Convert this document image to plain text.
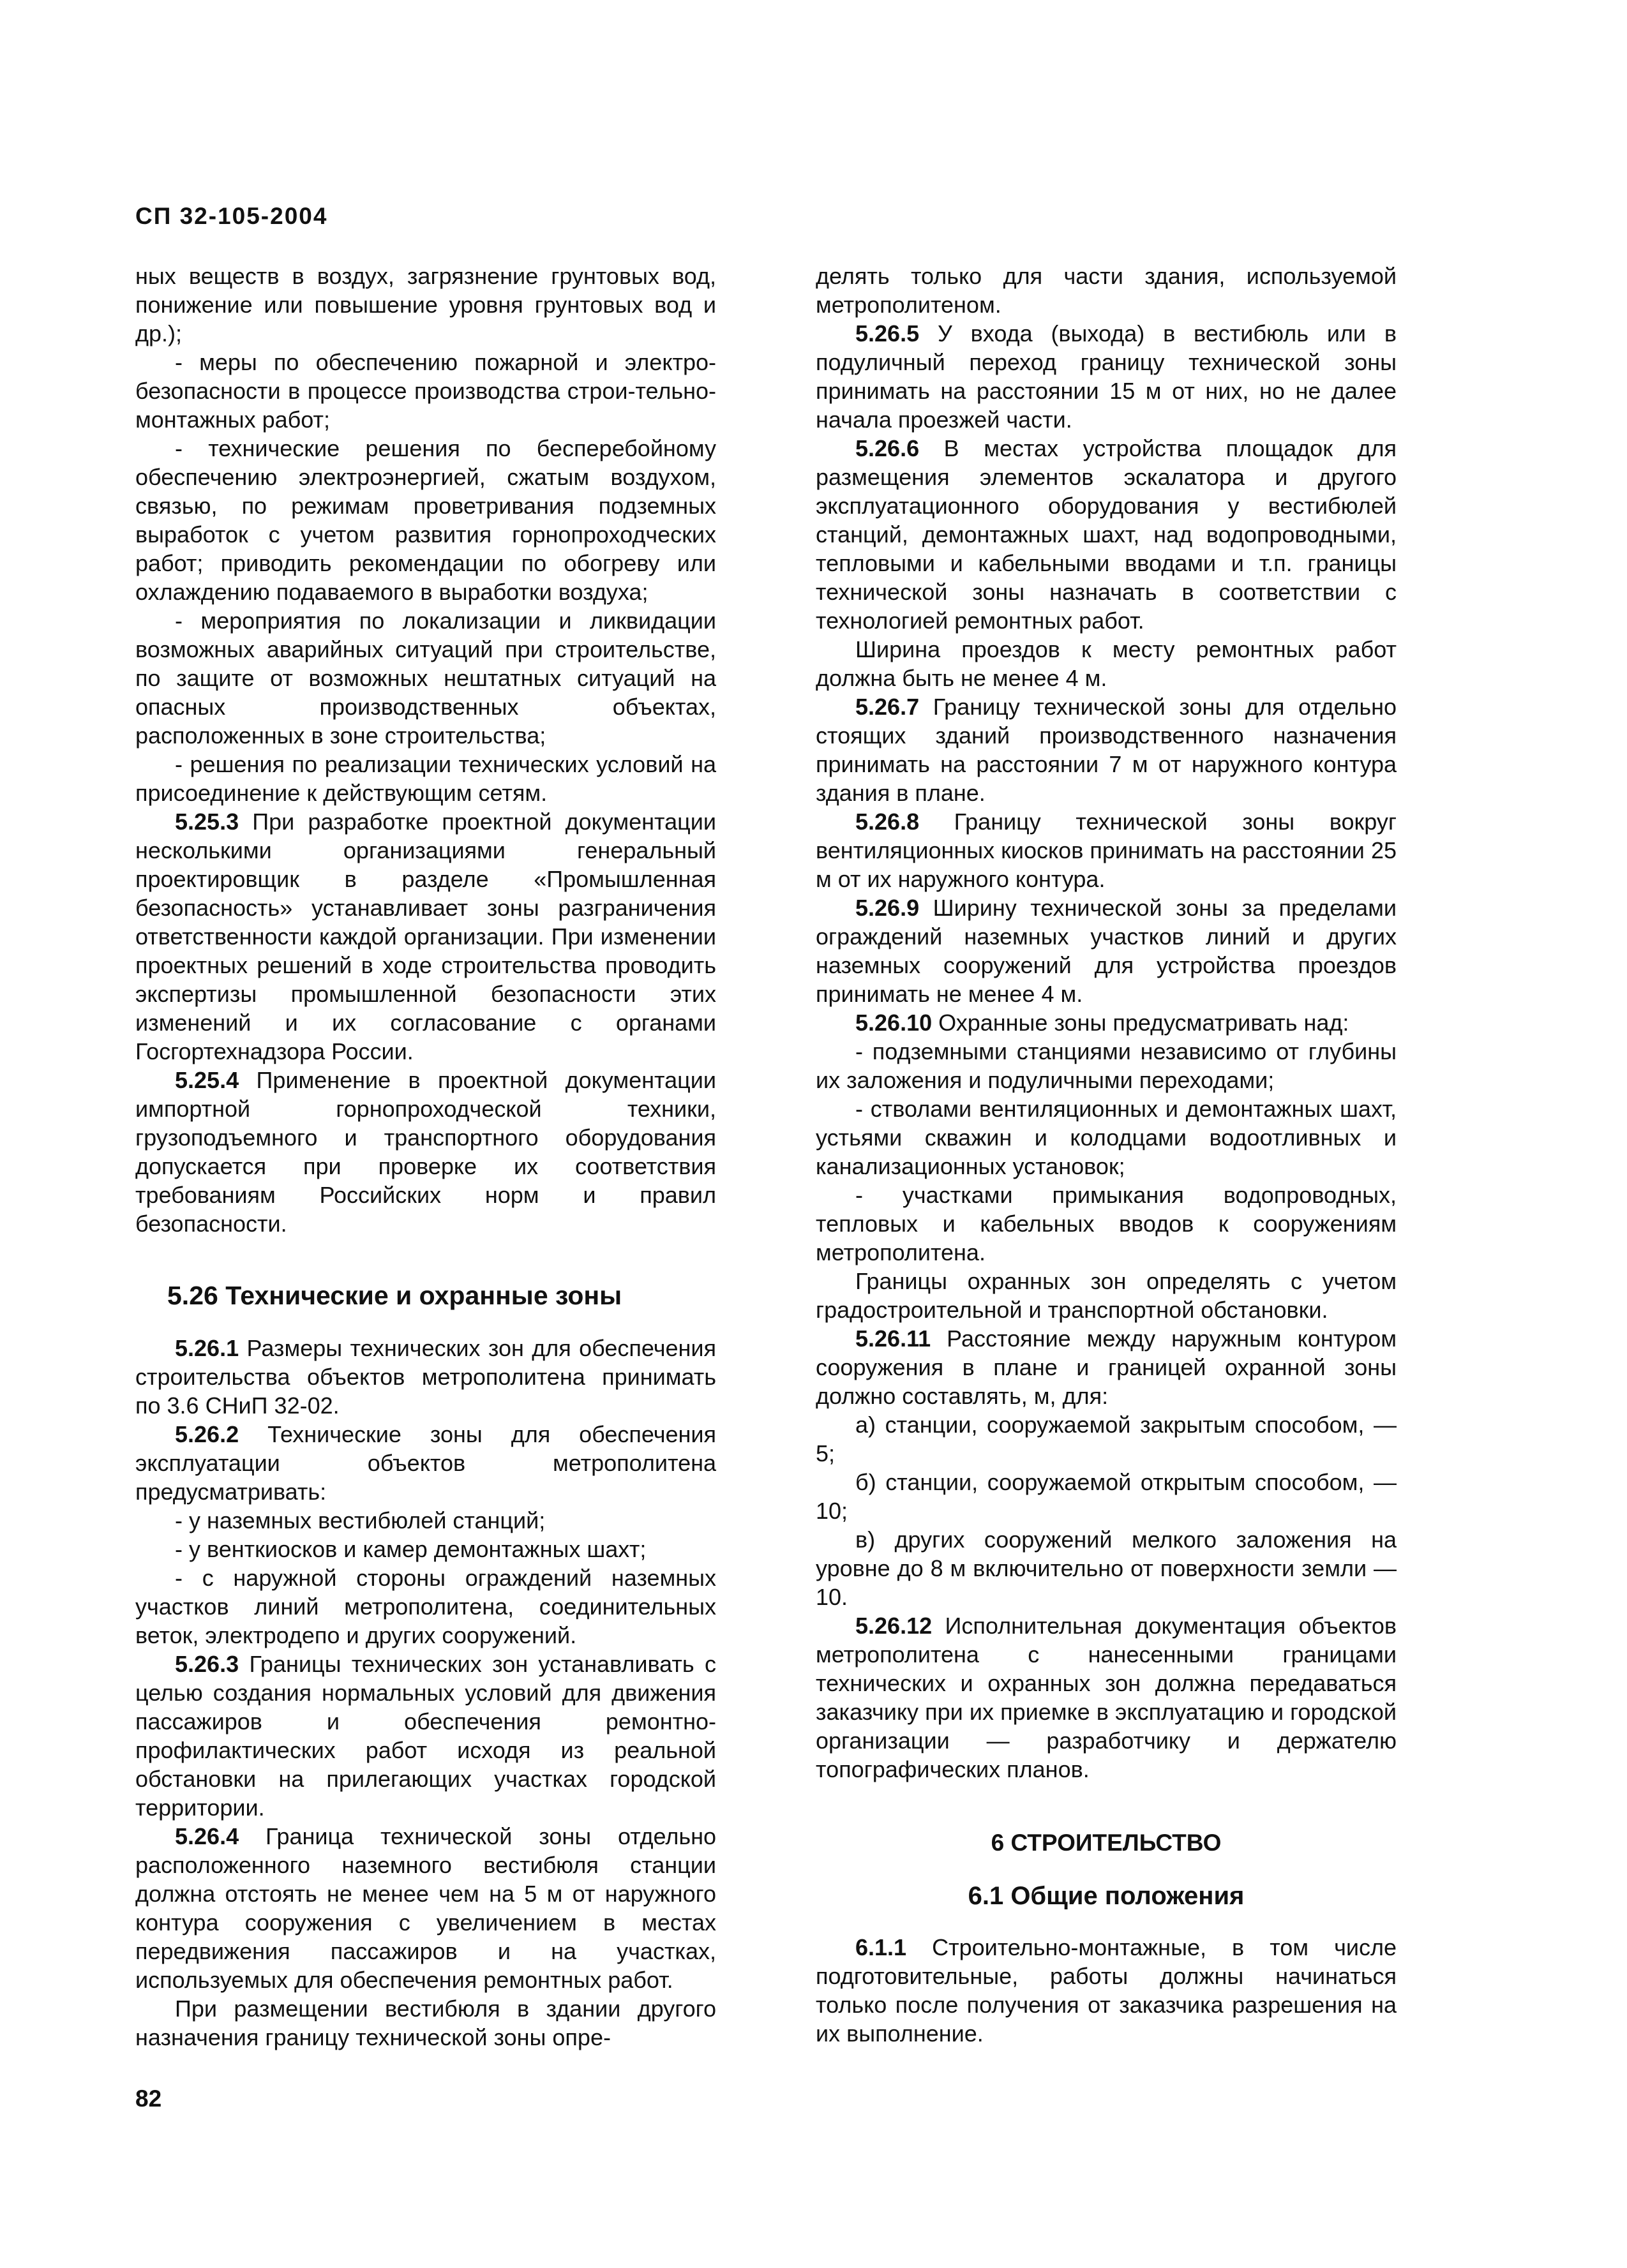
СП 32-105-2004

ных веществ в воздух, загрязнение грунтовых вод, понижение или повышение уровня грунтовых вод и др.);

- меры по обеспечению пожарной и электро-безопасности в процессе производства строи-тельно-монтажных работ;

- технические решения по бесперебойному обеспечению электроэнергией, сжатым воздухом, связью, по режимам проветривания подземных выработок с учетом развития горнопроходческих работ; приводить рекомендации по обогреву или охлаждению подаваемого в выработки воздуха;

- мероприятия по локализации и ликвидации возможных аварийных ситуаций при строительстве, по защите от возможных нештатных ситуаций на опасных производственных объектах, расположенных в зоне строительства;

- решения по реализации технических условий на присоединение к действующим сетям.

5.25.3 При разработке проектной документации несколькими организациями генеральный проектировщик в разделе «Промышленная безопасность» устанавливает зоны разграничения ответственности каждой организации. При изменении проектных решений в ходе строительства проводить экспертизы промышленной безопасности этих изменений и их согласование с органами Госгортехнадзора России.

5.25.4 Применение в проектной документации импортной горнопроходческой техники, грузоподъемного и транспортного оборудования допускается при проверке их соответствия требованиям Российских норм и правил безопасности.

5.26 Технические и охранные зоны

5.26.1 Размеры технических зон для обеспечения строительства объектов метрополитена принимать по 3.6 СНиП 32-02.

5.26.2 Технические зоны для обеспечения эксплуатации объектов метрополитена предусматривать:

- у наземных вестибюлей станций;

- у венткиосков и камер демонтажных шахт;

- с наружной стороны ограждений наземных участков линий метрополитена, соединительных веток, электродепо и других сооружений.

5.26.3 Границы технических зон устанавливать с целью создания нормальных условий для движения пассажиров и обеспечения ремонтно-профилактических работ исходя из реальной обстановки на прилегающих участках городской территории.

5.26.4 Граница технической зоны отдельно расположенного наземного вестибюля станции должна отстоять не менее чем на 5 м от наружного контура сооружения с увеличением в местах передвижения пассажиров и на участках, используемых для обеспечения ремонтных работ.

При размещении вестибюля в здании другого назначения границу технической зоны опре-

делять только для части здания, используемой метрополитеном.

5.26.5 У входа (выхода) в вестибюль или в подуличный переход границу технической зоны принимать на расстоянии 15 м от них, но не далее начала проезжей части.

5.26.6 В местах устройства площадок для размещения элементов эскалатора и другого эксплуатационного оборудования у вестибюлей станций, демонтажных шахт, над водопроводными, тепловыми и кабельными вводами и т.п. границы технической зоны назначать в соответствии с технологией ремонтных работ.

Ширина проездов к месту ремонтных работ должна быть не менее 4 м.

5.26.7 Границу технической зоны для отдельно стоящих зданий производственного назначения принимать на расстоянии 7 м от наружного контура здания в плане.

5.26.8 Границу технической зоны вокруг вентиляционных киосков принимать на расстоянии 25 м от их наружного контура.

5.26.9 Ширину технической зоны за пределами ограждений наземных участков линий и других наземных сооружений для устройства проездов принимать не менее 4 м.

5.26.10 Охранные зоны предусматривать над:

- подземными станциями независимо от глубины их заложения и подуличными переходами;

- стволами вентиляционных и демонтажных шахт, устьями скважин и колодцами водоотливных и канализационных установок;

- участками примыкания водопроводных, тепловых и кабельных вводов к сооружениям метрополитена.

Границы охранных зон определять с учетом градостроительной и транспортной обстановки.

5.26.11 Расстояние между наружным контуром сооружения в плане и границей охранной зоны должно составлять, м, для:

а) станции, сооружаемой закрытым способом, —5;

б) станции, сооружаемой открытым способом, — 10;

в) других сооружений мелкого заложения на уровне до 8 м включительно от поверхности земли — 10.

5.26.12 Исполнительная документация объектов метрополитена с нанесенными границами технических и охранных зон должна передаваться заказчику при их приемке в эксплуатацию и городской организации — разработчику и держателю топографических планов.

6 СТРОИТЕЛЬСТВО
6.1 Общие положения

6.1.1 Строительно-монтажные, в том числе подготовительные, работы должны начинаться только после получения от заказчика разрешения на их выполнение.

82
